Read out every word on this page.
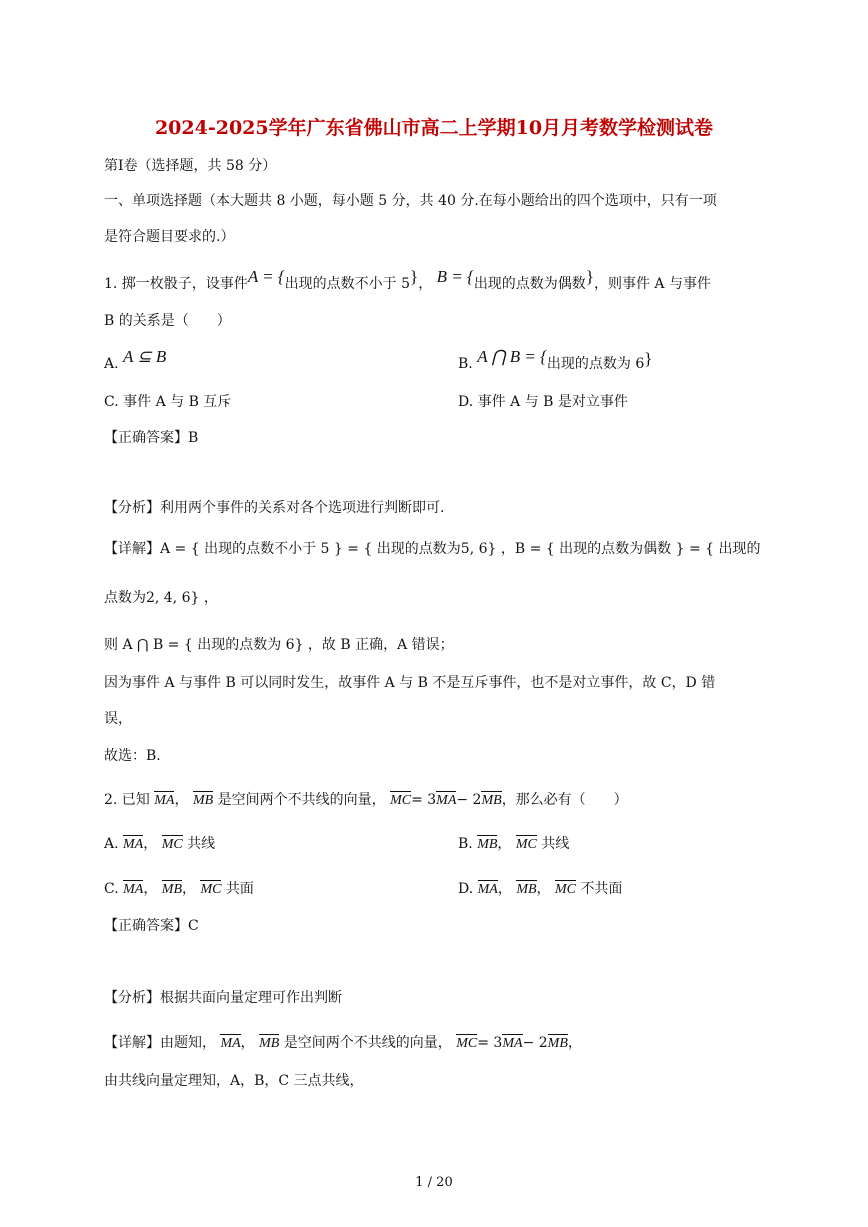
2024-2025学年广东省佛山市高二上学期10月月考数学检测试卷
第Ⅰ卷（选择题，共 58 分）
一、单项选择题（本大题共 8 小题，每小题 5 分，共 40 分.在每小题给出的四个选项中，只有一项
是符合题目要求的.）
1. 掷一枚骰子，设事件A = {出现的点数不小于 5}， B = {出现的点数为偶数}，则事件 A 与事件
B 的关系是（　　）
A. A ⊆ B	B. A ⋂ B = {出现的点数为 6}
C. 事件 A 与 B 互斥	D. 事件 A 与 B 是对立事件
【正确答案】B
【分析】利用两个事件的关系对各个选项进行判断即可.
【详解】A = { 出现的点数不小于 5 } = { 出现的点数为5, 6} ，B = { 出现的点数为偶数 } = { 出现的
点数为2, 4, 6} ，
则 A ⋂ B = { 出现的点数为 6} ，故 B 正确，A 错误；
因为事件 A 与事件 B 可以同时发生，故事件 A 与 B 不是互斥事件，也不是对立事件，故 C，D 错
误，
故选：B.
2. 已知 MA， MB 是空间两个不共线的向量， MC= 3MA− 2MB，那么必有（　　）
A. MA， MC 共线	B. MB， MC 共线
C. MA， MB， MC 共面	D. MA， MB， MC 不共面
【正确答案】C
【分析】根据共面向量定理可作出判断
【详解】由题知， MA， MB 是空间两个不共线的向量， MC= 3MA− 2MB，
由共线向量定理知，A，B，C 三点共线，
1 / 20
